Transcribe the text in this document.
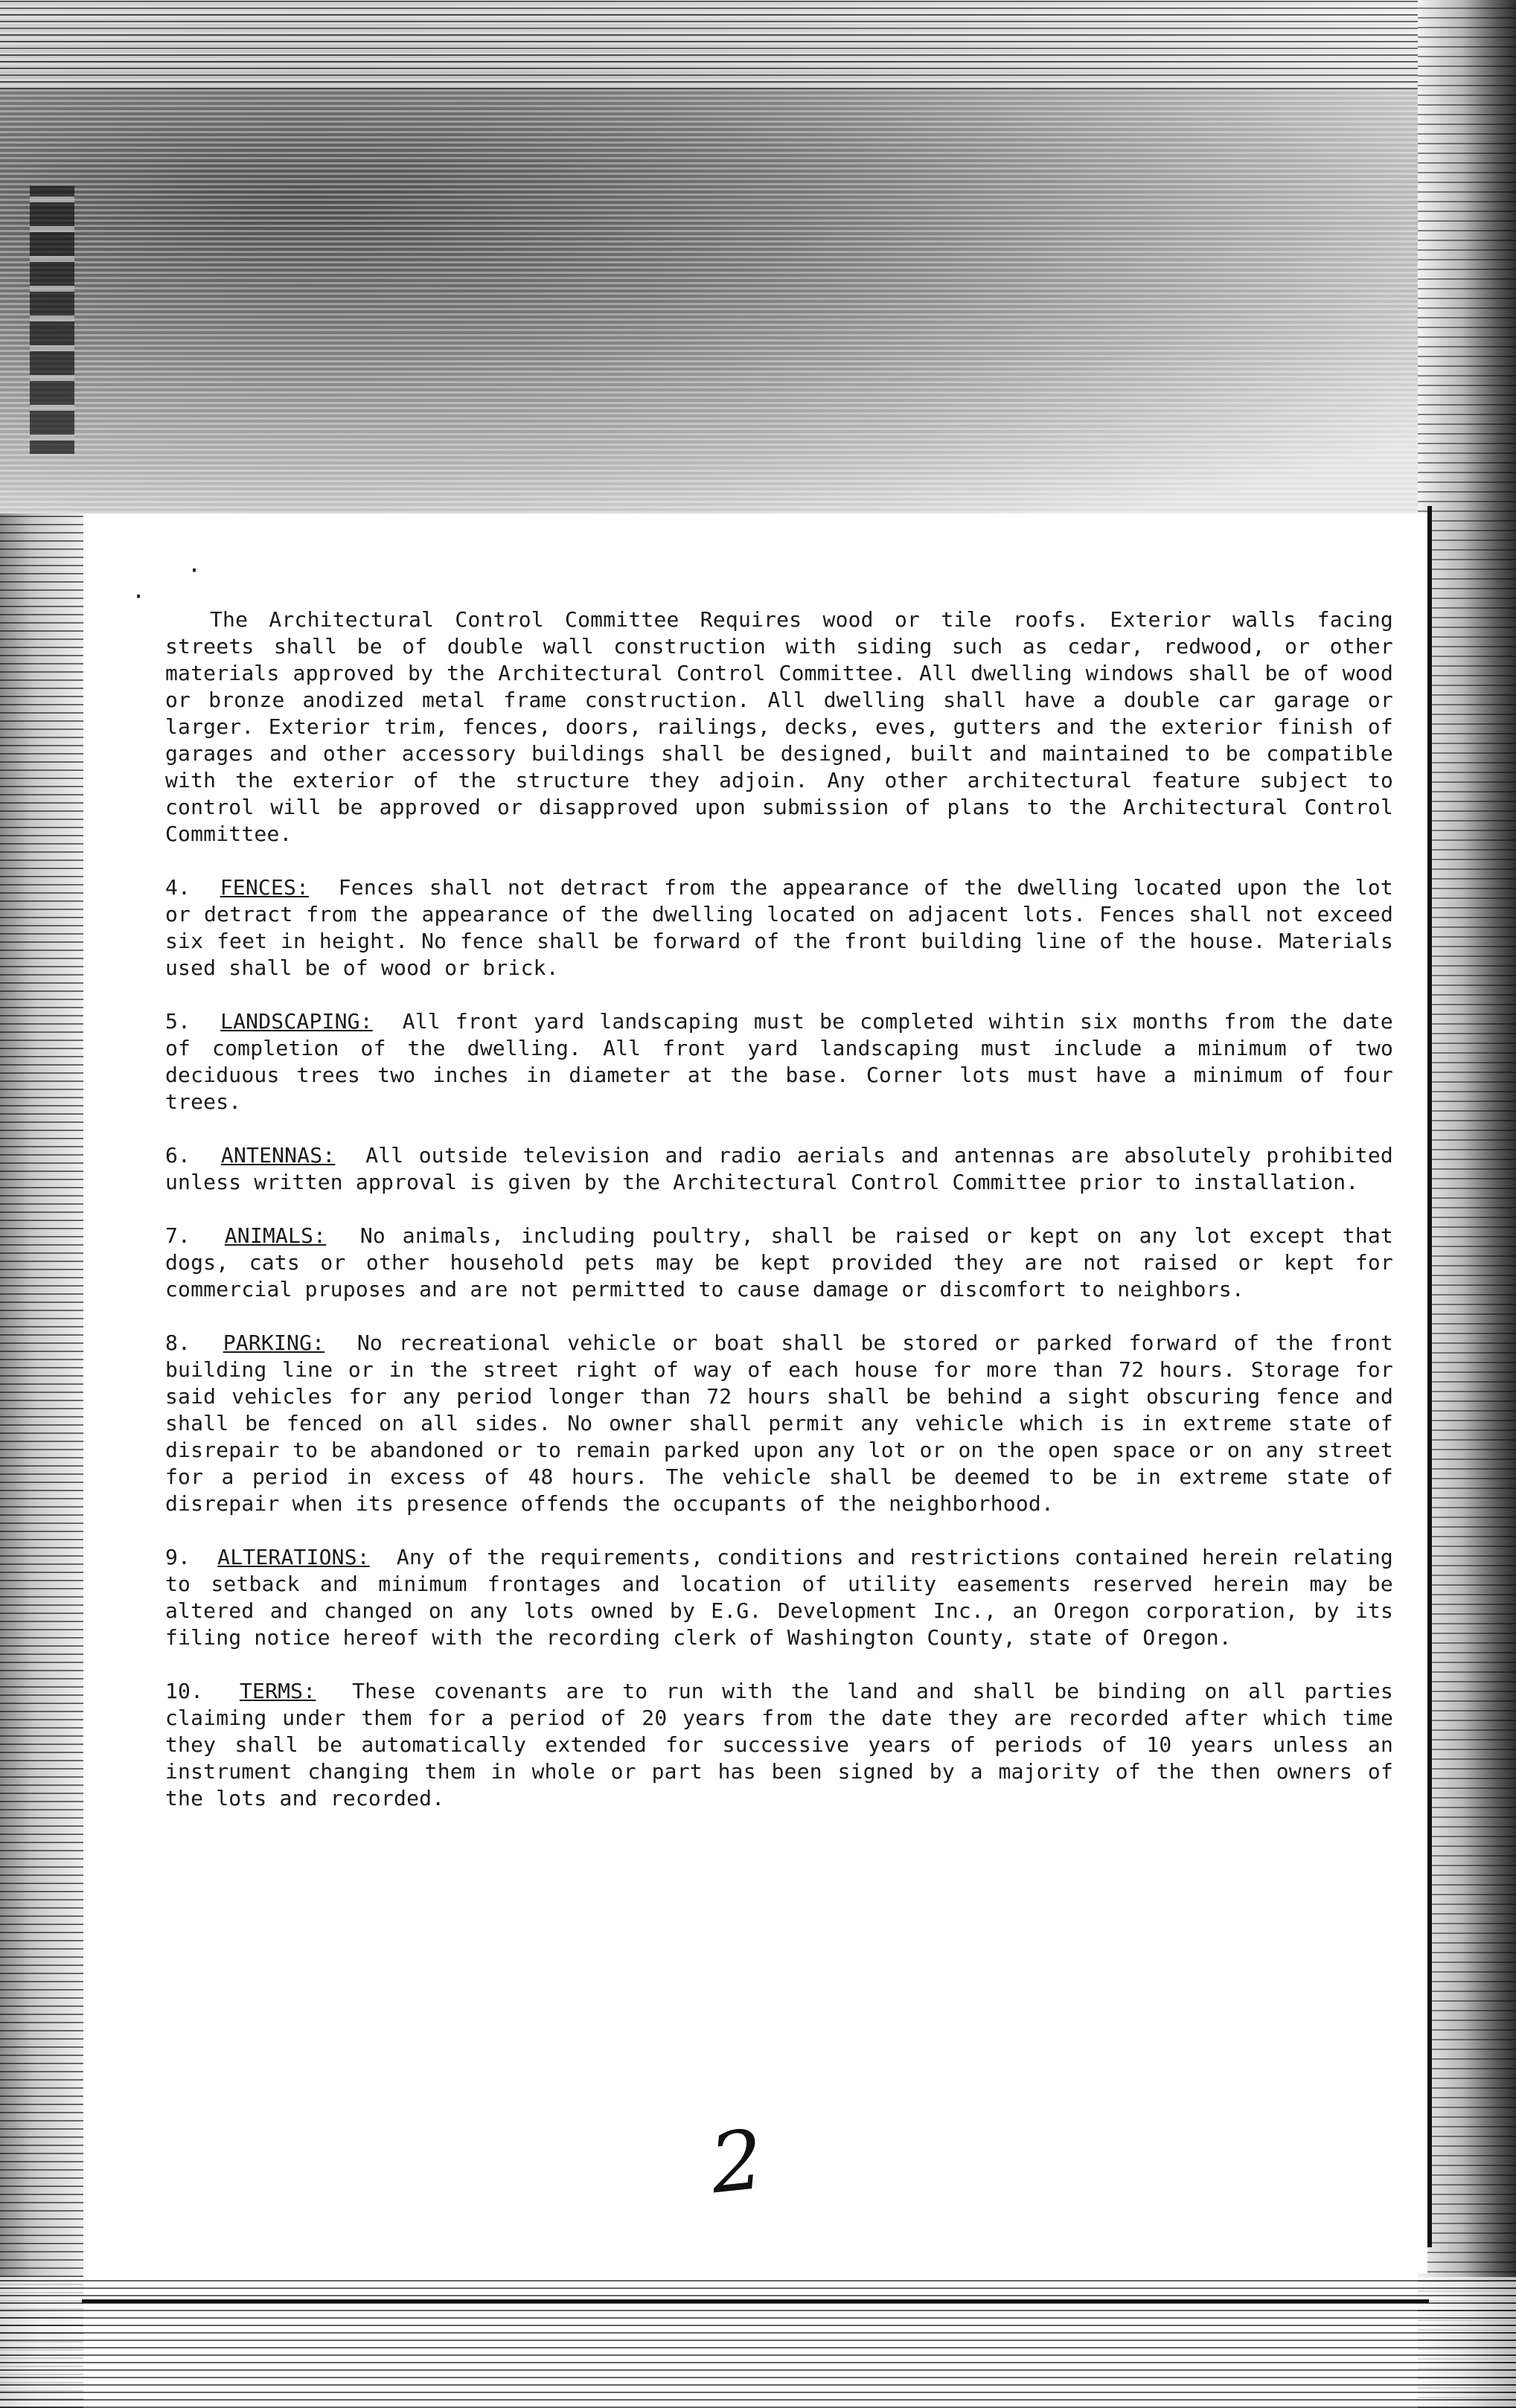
·
·

The Architectural Control Committee Requires wood or tile roofs. Exterior walls facing streets shall be of double wall construction with siding such as cedar, redwood, or other materials approved by the Architectural Control Committee. All dwelling windows shall be of wood or bronze anodized metal frame construction. All dwelling shall have a double car garage or larger. Exterior trim, fences, doors, railings, decks, eves, gutters and the exterior finish of garages and other accessory buildings shall be designed, built and maintained to be compatible with the exterior of the structure they adjoin. Any other architectural feature subject to control will be approved or disapproved upon submission of plans to the Architectural Control Committee.

4. FENCES: Fences shall not detract from the appearance of the dwelling located upon the lot or detract from the appearance of the dwelling located on adjacent lots. Fences shall not exceed six feet in height. No fence shall be forward of the front building line of the house. Materials used shall be of wood or brick.

5. LANDSCAPING: All front yard landscaping must be completed wihtin six months from the date of completion of the dwelling. All front yard landscaping must include a minimum of two deciduous trees two inches in diameter at the base. Corner lots must have a minimum of four trees.

6. ANTENNAS: All outside television and radio aerials and antennas are absolutely prohibited unless written approval is given by the Architectural Control Committee prior to installation.

7. ANIMALS: No animals, including poultry, shall be raised or kept on any lot except that dogs, cats or other household pets may be kept provided they are not raised or kept for commercial pruposes and are not permitted to cause damage or discomfort to neighbors.

8. PARKING: No recreational vehicle or boat shall be stored or parked forward of the front building line or in the street right of way of each house for more than 72 hours. Storage for said vehicles for any period longer than 72 hours shall be behind a sight obscuring fence and shall be fenced on all sides. No owner shall permit any vehicle which is in extreme state of disrepair to be abandoned or to remain parked upon any lot or on the open space or on any street for a period in excess of 48 hours. The vehicle shall be deemed to be in extreme state of disrepair when its presence offends the occupants of the neighborhood.

9. ALTERATIONS: Any of the requirements, conditions and restrictions contained herein relating to setback and minimum frontages and location of utility easements reserved herein may be altered and changed on any lots owned by E.G. Development Inc., an Oregon corporation, by its filing notice hereof with the recording clerk of Washington County, state of Oregon.

10. TERMS: These covenants are to run with the land and shall be binding on all parties claiming under them for a period of 20 years from the date they are recorded after which time they shall be automatically extended for successive years of periods of 10 years unless an instrument changing them in whole or part has been signed by a majority of the then owners of the lots and recorded.

2
